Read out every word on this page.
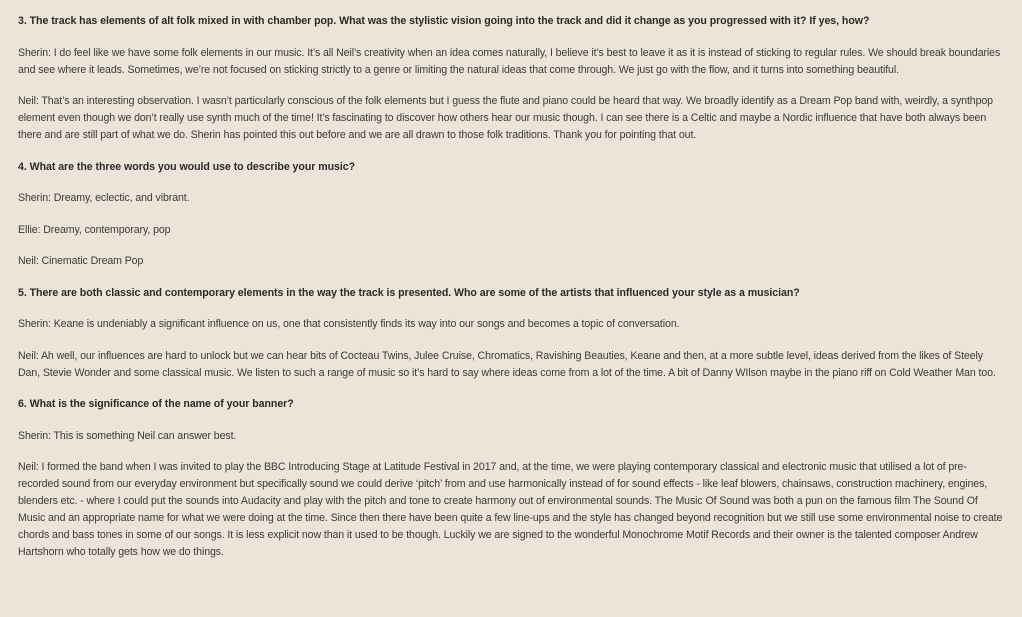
3. The track has elements of alt folk mixed in with chamber pop. What was the stylistic vision going into the track and did it change as you progressed with it? If yes, how?

Sherin : I do feel like we have some folk elements in our music. It’s all Neil’s creativity when an idea comes naturally, I believe it’s best to leave it as it is instead of sticking to regular rules. We should break boundaries and see where it leads. Sometimes, we’re not focused on sticking strictly to a genre or limiting the natural ideas that come through. We just go with the flow, and it turns into something beautiful.

Neil : That’s an interesting observation. I wasn’t particularly conscious of the folk elements but I guess the flute and piano could be heard that way. We broadly identify as a Dream Pop band with, weirdly, a synthpop element even though we don’t really use synth much of the time! It’s fascinating to discover how others hear our music though. I can see there is a Celtic and maybe a Nordic influence that have both always been there and are still part of what we do. Sherin has pointed this out before and we are all drawn to those folk traditions. Thank you for pointing that out.

4. What are the three words you would use to describe your music?

Sherin : Dreamy, eclectic, and vibrant.

Ellie : Dreamy, contemporary, pop

Neil : Cinematic Dream Pop

5. There are both classic and contemporary elements in the way the track is presented. Who are some of the artists that influenced your style as a musician?

Sherin : Keane is undeniably a significant influence on us, one that consistently finds its way into our songs and becomes a topic of conversation.

Neil : Ah well, our influences are hard to unlock but we can hear bits of Cocteau Twins, Julee Cruise, Chromatics, Ravishing Beauties, Keane and then, at a more subtle level, ideas derived from the likes of Steely Dan, Stevie Wonder and some classical music. We listen to such a range of music so it’s hard to say where ideas come from a lot of the time. A bit of Danny WIlson maybe in the piano riff on Cold Weather Man too.

6. What is the significance of the name of your banner?

Sherin : This is something Neil can answer best.

Neil : I formed the band when I was invited to play the BBC Introducing Stage at Latitude Festival in 2017 and, at the time, we were playing contemporary classical and electronic music that utilised a lot of pre-recorded sound from our everyday environment but specifically sound we could derive ‘pitch’ from and use harmonically instead of for sound effects - like leaf blowers, chainsaws, construction machinery, engines, blenders etc. - where I could put the sounds into Audacity and play with the pitch and tone to create harmony out of environmental sounds. The Music Of Sound was both a pun on the famous film The Sound Of Music and an appropriate name for what we were doing at the time. Since then there have been quite a few line-ups and the style has changed beyond recognition but we still use some environmental noise to create chords and bass tones in some of our songs. It is less explicit now than it used to be though. Luckily we are signed to the wonderful Monochrome Motif Records and their owner is the talented composer Andrew Hartshorn who totally gets how we do things.
